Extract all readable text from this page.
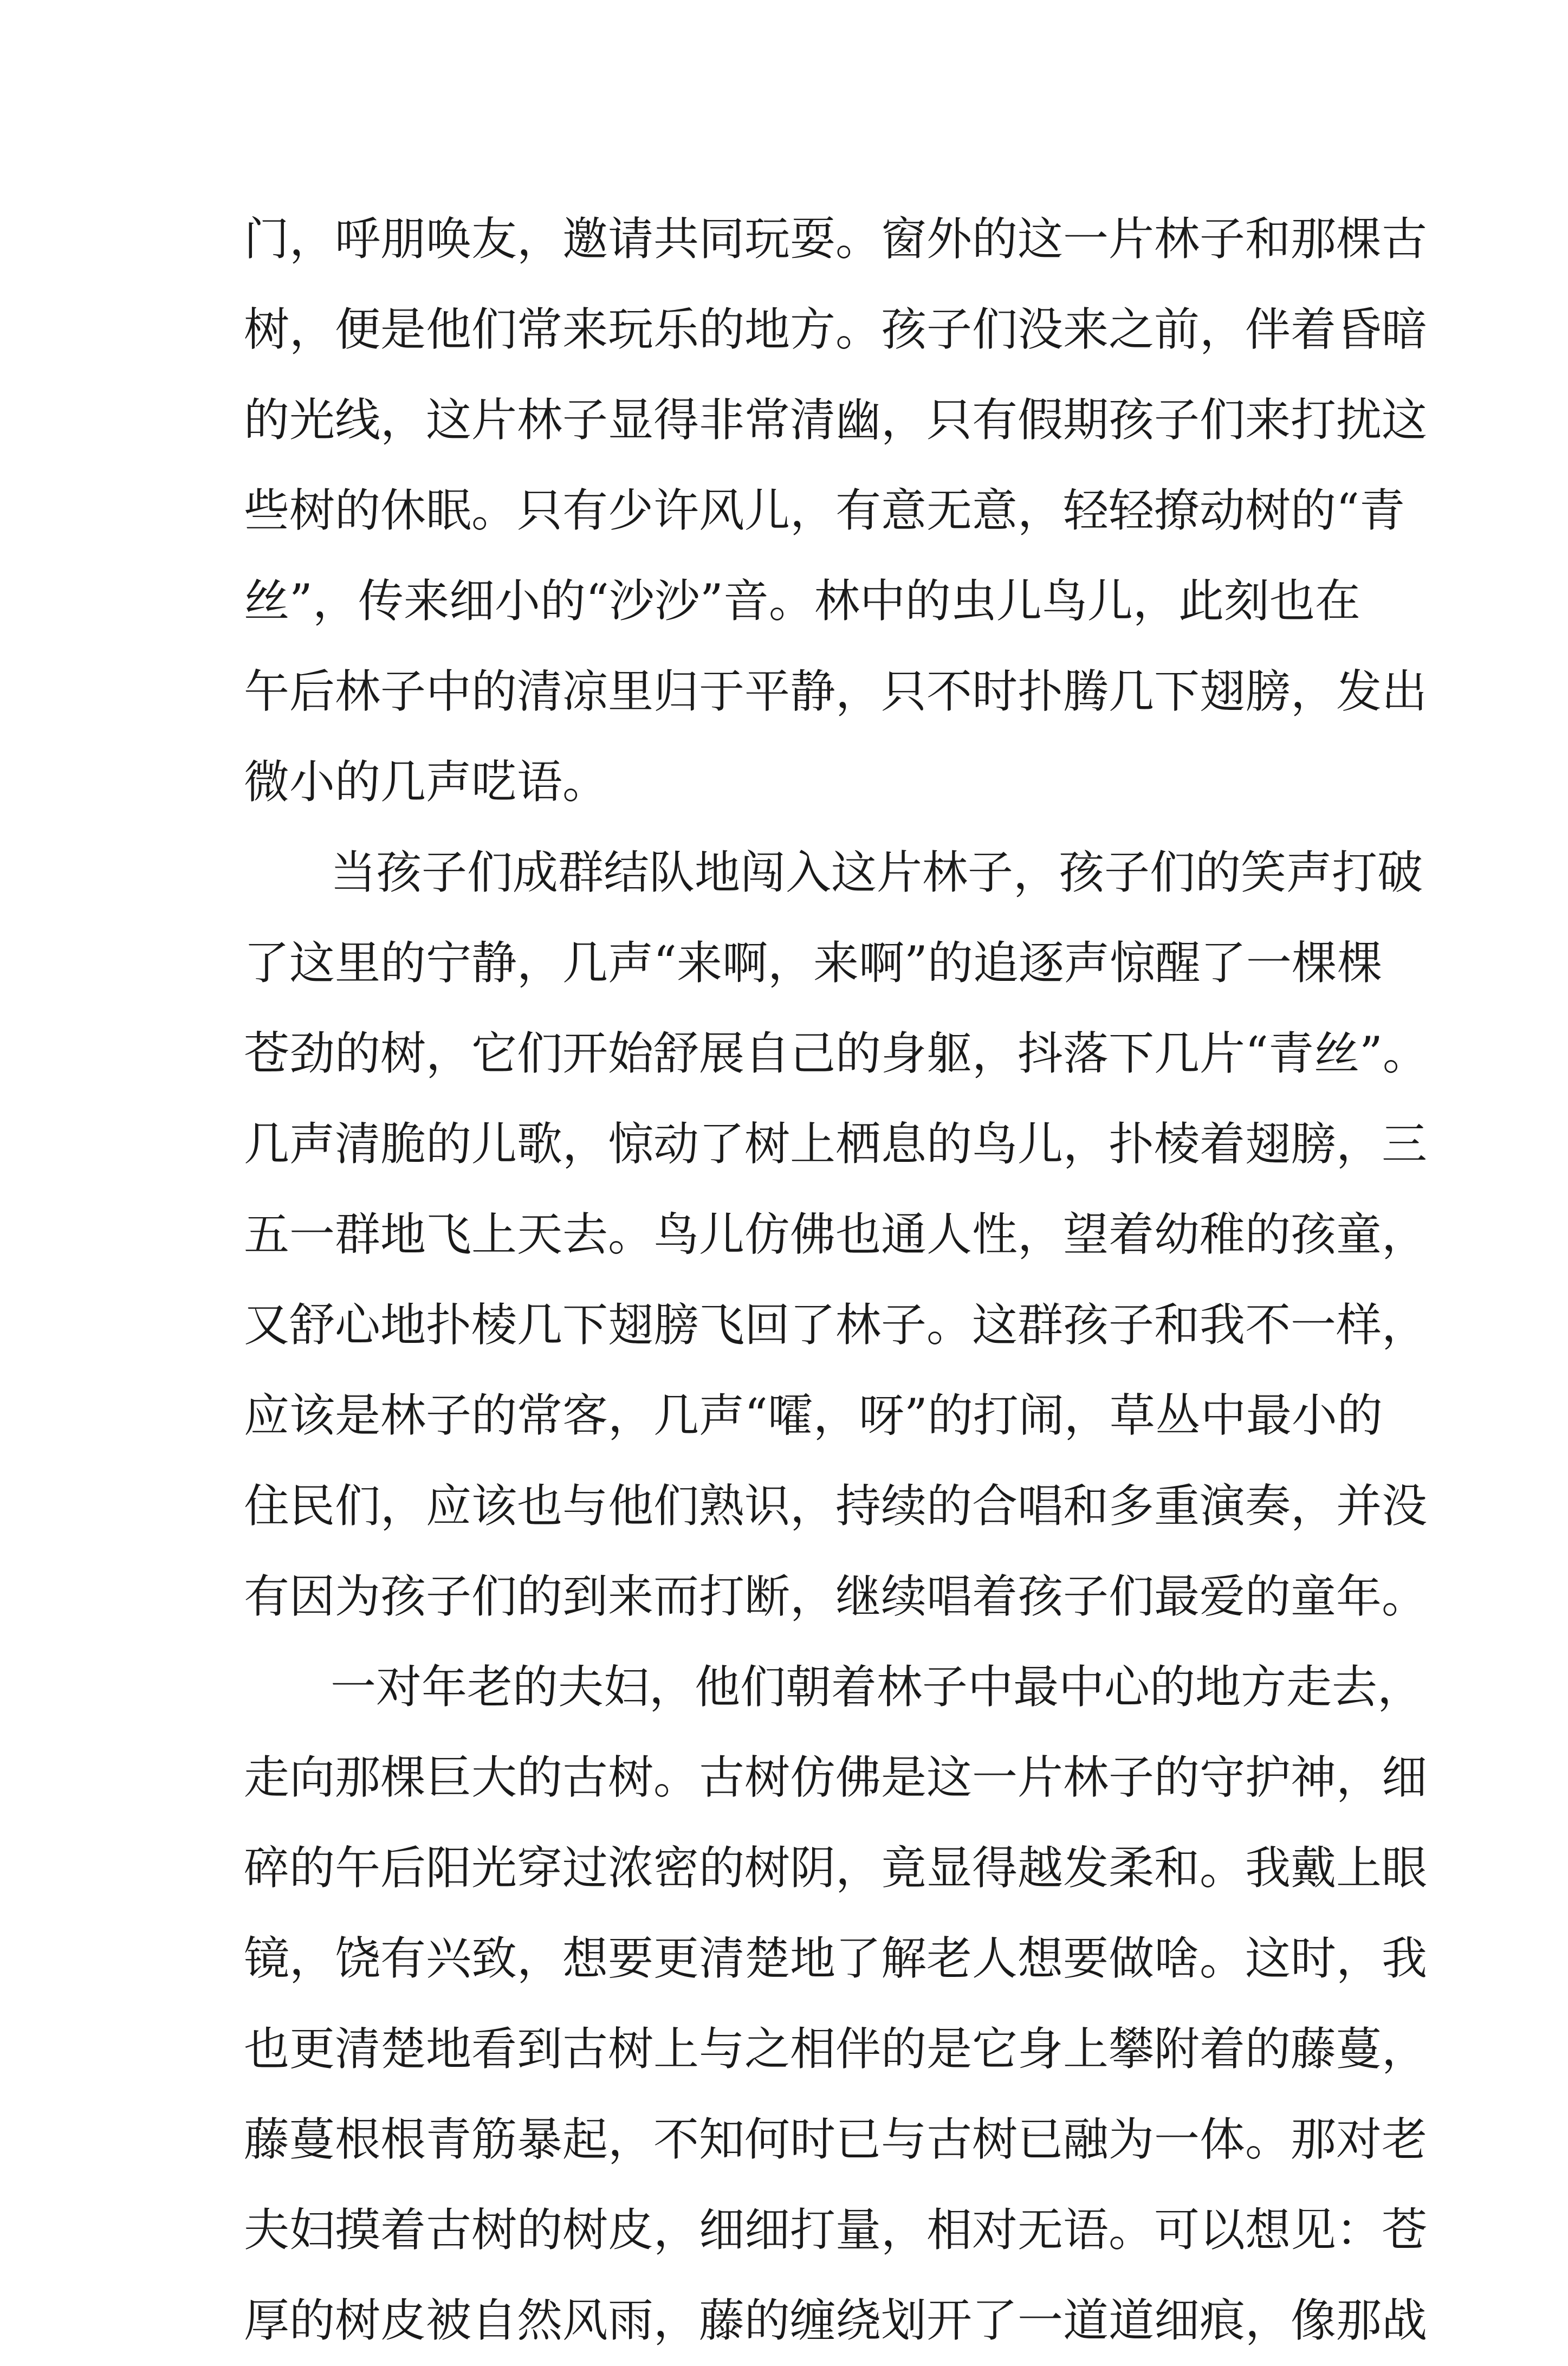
门，呼朋唤友，邀请共同玩耍。窗外的这一片林子和那棵古
树，便是他们常来玩乐的地方。孩子们没来之前，伴着昏暗
的光线，这片林子显得非常清幽，只有假期孩子们来打扰这
些树的休眠。只有少许风儿，有意无意，轻轻撩动树的“青
丝”，传来细小的“沙沙”音。林中的虫儿鸟儿，此刻也在
午后林子中的清凉里归于平静，只不时扑腾几下翅膀，发出
微小的几声呓语。
当孩子们成群结队地闯入这片林子，孩子们的笑声打破
了这里的宁静，几声“来啊，来啊”的追逐声惊醒了一棵棵
苍劲的树，它们开始舒展自己的身躯，抖落下几片“青丝”。
几声清脆的儿歌，惊动了树上栖息的鸟儿，扑棱着翅膀，三
五一群地飞上天去。鸟儿仿佛也通人性，望着幼稚的孩童，
又舒心地扑棱几下翅膀飞回了林子。这群孩子和我不一样，
应该是林子的常客，几声“嚯，呀”的打闹，草丛中最小的
住民们，应该也与他们熟识，持续的合唱和多重演奏，并没
有因为孩子们的到来而打断，继续唱着孩子们最爱的童年。
一对年老的夫妇，他们朝着林子中最中心的地方走去，
走向那棵巨大的古树。古树仿佛是这一片林子的守护神，细
碎的午后阳光穿过浓密的树阴，竟显得越发柔和。我戴上眼
镜，饶有兴致，想要更清楚地了解老人想要做啥。这时，我
也更清楚地看到古树上与之相伴的是它身上攀附着的藤蔓，
藤蔓根根青筋暴起，不知何时已与古树已融为一体。那对老
夫妇摸着古树的树皮，细细打量，相对无语。可以想见：苍
厚的树皮被自然风雨，藤的缠绕划开了一道道细痕，像那战
